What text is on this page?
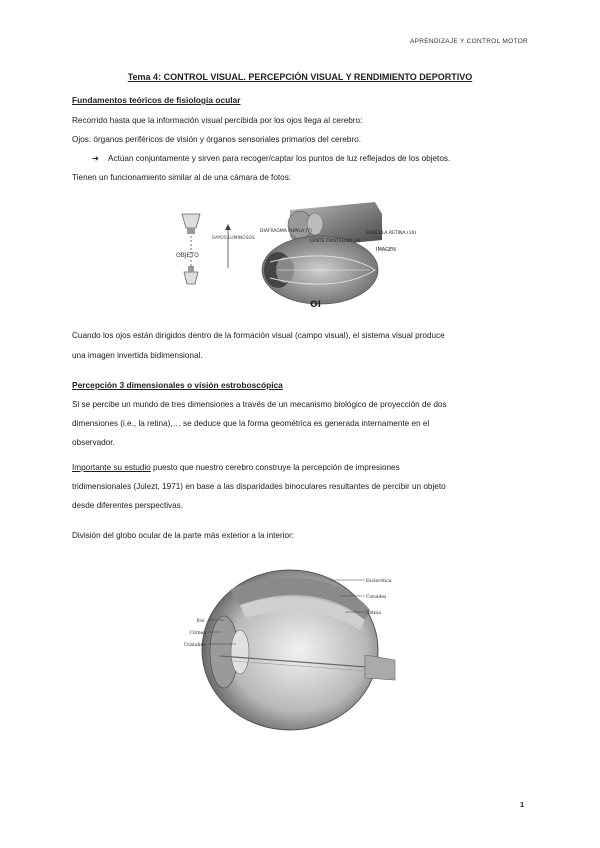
APRENDIZAJE Y CONTROL MOTOR
Tema 4: CONTROL VISUAL. PERCEPCIÓN VISUAL Y RENDIMIENTO DEPORTIVO
Fundamentos teóricos de fisiología ocular
Recorrido hasta que la información visual percibida por los ojos llega al cerebro:
Ojos: órganos periféricos de visión y órganos sensoriales primarios del cerebro.
➔ Actúan conjuntamente y sirven para recoger/captar los puntos de luz reflejados de los objetos.
Tienen un funcionamiento similar al de una cámara de fotos:
OBJETO
RAYOS LUMINOSOS
DIAFRAGMA PUPILA (7)
LENTE CRISTALINO (8)
PELÍCULA RETINA (10)
IMAGEN
OI
Cuando los ojos están dirigidos dentro de la formación visual (campo visual), el sistema visual produce
una imagen invertida bidimensional.
Percepción 3 dimensionales o visión estroboscópica
Si se percibe un mundo de tres dimensiones a través de un mecanismo biológico de proyección de dos
dimensiones (i.e., la retina),… se deduce que la forma geométrica es generada internamente en el
observador.
Importante su estudio puesto que nuestro cerebro construye la percepción de impresiones
tridimensionales (Julezt, 1971) en base a las disparidades binoculares resultantes de percibir un objeto
desde diferentes perspectivas.
División del globo ocular de la parte más exterior a la interior:
Esclerótica
Coroides
Retina
Iris
Córnea
Cristalino
1
